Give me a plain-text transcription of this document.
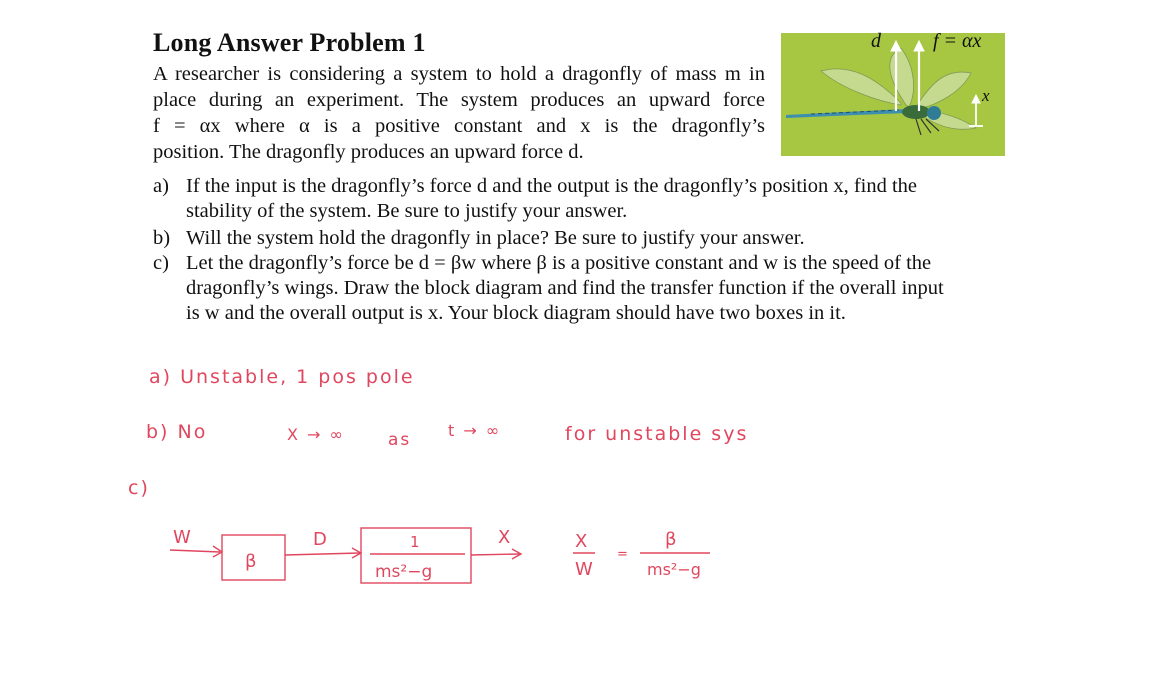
Long Answer Problem 1
A researcher is considering a system to hold a dragonfly of mass m in
place during an experiment. The system produces an upward force
f = αx where α is a positive constant and x is the dragonfly’s
position. The dragonfly produces an upward force d.
a) If the input is the dragonfly’s force d and the output is the dragonfly’s position x, find the
stability of the system. Be sure to justify your answer.
b) Will the system hold the dragonfly in place? Be sure to justify your answer.
c) Let the dragonfly’s force be d = βw where β is a positive constant and w is the speed of the
dragonfly’s wings. Draw the block diagram and find the transfer function if the overall input
is w and the overall output is x. Your block diagram should have two boxes in it.
d	f = αx
x
a) Unstable, 1 pos pole
b) No	X → ∞	as t → ∞	for unstable sys
c)
W
β
D	1
ms²−g
X	X
W
=
β
ms²−g
